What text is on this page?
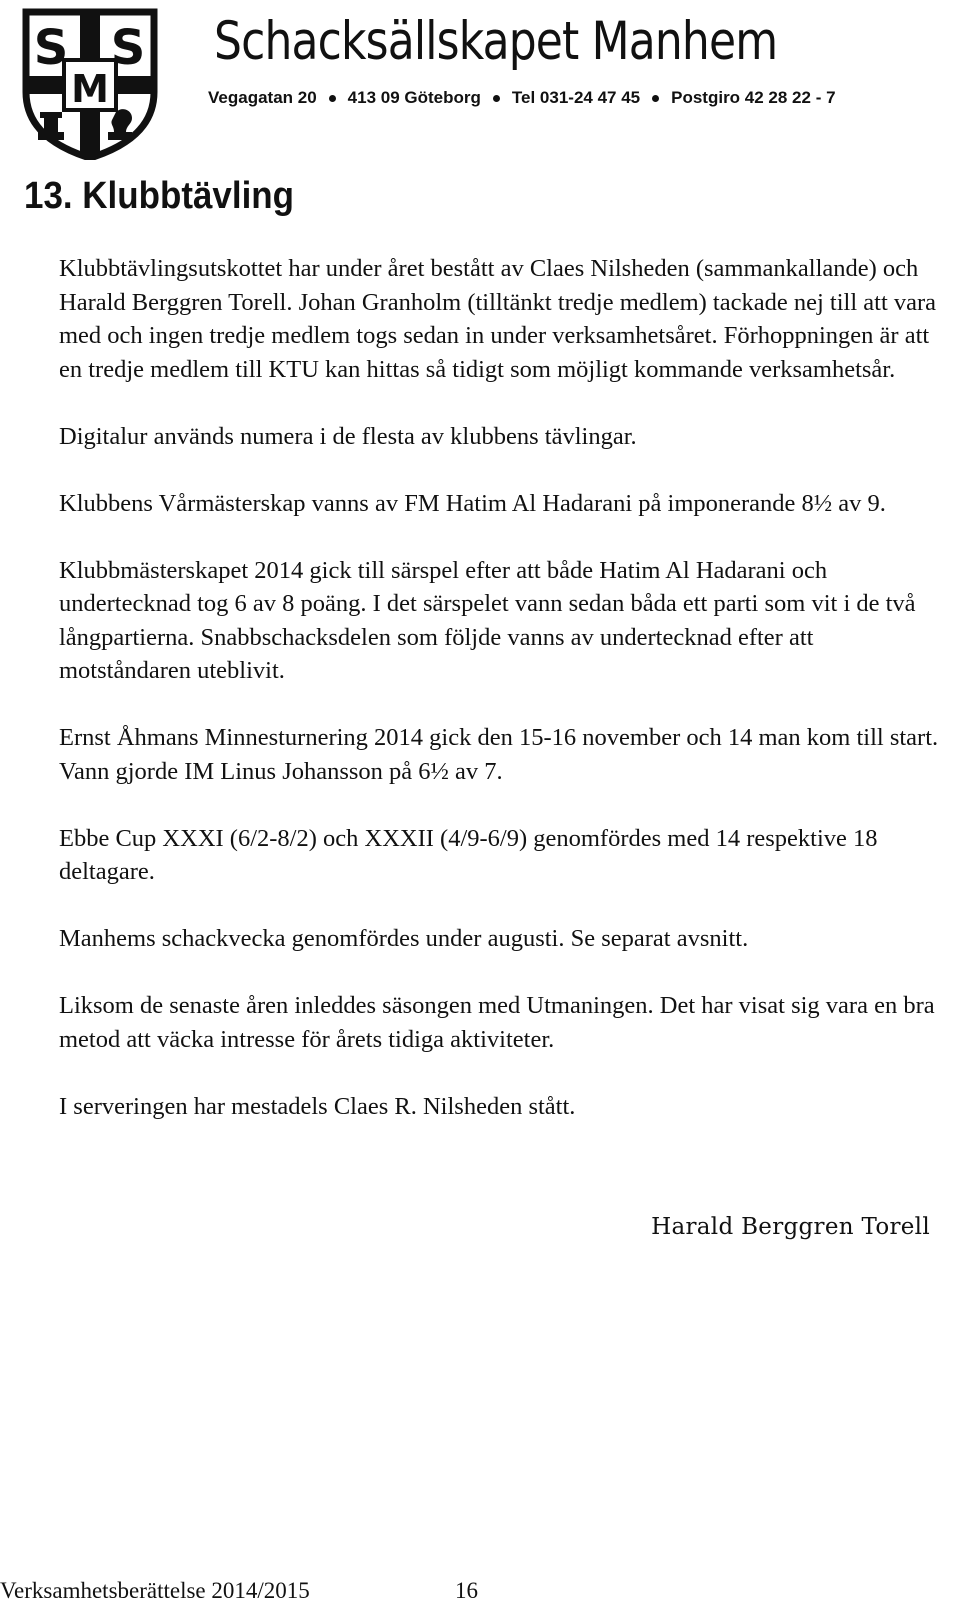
S S
M
Schacksällskapet Manhem
Vegagatan 20 413 09 Göteborg Tel 031-24 47 45 Postgiro 42 28 22 - 7
13. Klubbtävling

Klubbtävlingsutskottet har under året bestått av Claes Nilsheden (sammankallande) och Harald Berggren Torell. Johan Granholm (tilltänkt tredje medlem) tackade nej till att vara med och ingen tredje medlem togs sedan in under verksamhetsåret. Förhoppningen är att en tredje medlem till KTU kan hittas så tidigt som möjligt kommande verksamhetsår.

Digitalur används numera i de flesta av klubbens tävlingar.

Klubbens Vårmästerskap vanns av FM Hatim Al Hadarani på imponerande 8½ av 9.

Klubbmästerskapet 2014 gick till särspel efter att både Hatim Al Hadarani och undertecknad tog 6 av 8 poäng. I det särspelet vann sedan båda ett parti som vit i de två långpartierna. Snabbschacksdelen som följde vanns av undertecknad efter att motståndaren uteblivit.

Ernst Åhmans Minnesturnering 2014 gick den 15-16 november och 14 man kom till start. Vann gjorde IM Linus Johansson på 6½ av 7.

Ebbe Cup XXXI (6/2-8/2) och XXXII (4/9-6/9) genomfördes med 14 respektive 18 deltagare.

Manhems schackvecka genomfördes under augusti. Se separat avsnitt.

Liksom de senaste åren inleddes säsongen med Utmaningen. Det har visat sig vara en bra metod att väcka intresse för årets tidiga aktiviteter.

I serveringen har mestadels Claes R. Nilsheden stått.

Harald Berggren Torell
Verksamhetsberättelse 2014/2015	16
